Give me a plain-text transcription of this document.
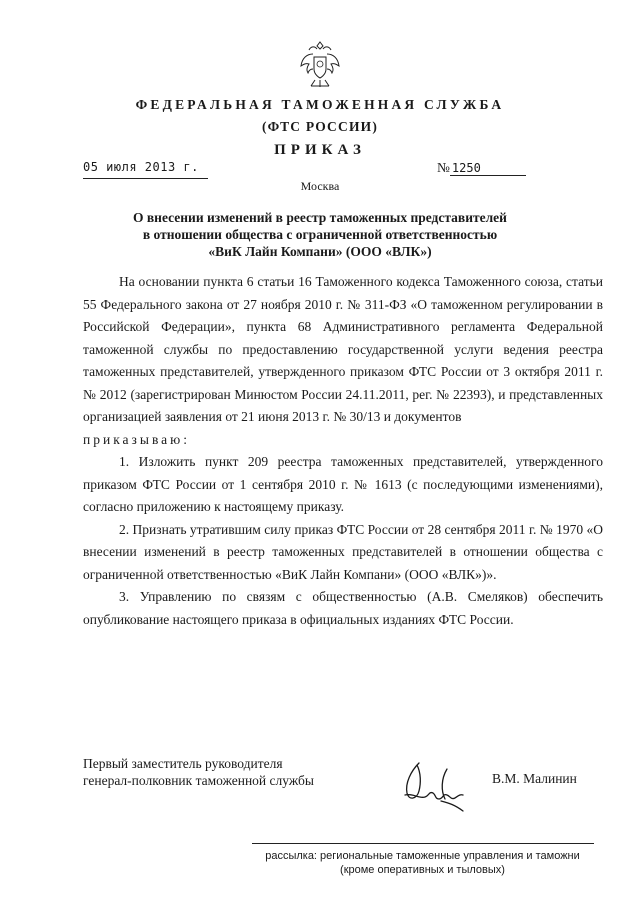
ФЕДЕРАЛЬНАЯ ТАМОЖЕННАЯ СЛУЖБА
(ФТС РОССИИ)
ПРИКАЗ
05 июля 2013 г.	№ 1250
Москва
О внесении изменений в реестр таможенных представителей
в отношении общества с ограниченной ответственностью
«ВиК Лайн Компани» (ООО «ВЛК»)

На основании пункта 6 статьи 16 Таможенного кодекса Таможенного союза, статьи 55 Федерального закона от 27 ноября 2010 г. № 311-ФЗ «О таможенном регулировании в Российской Федерации», пункта 68 Административного регламента Федеральной таможенной службы по предоставлению государственной услуги ведения реестра таможенных представителей, утвержденного приказом ФТС России от 3 октября 2011 г. № 2012 (зарегистрирован Минюстом России 24.11.2011, рег. № 22393), и представленных организацией заявления от 21 июня 2013 г. № 30/13 и документов

приказываю:

1. Изложить пункт 209 реестра таможенных представителей, утвержденного приказом ФТС России от 1 сентября 2010 г. № 1613 (с последующими изменениями), согласно приложению к настоящему приказу.

2. Признать утратившим силу приказ ФТС России от 28 сентября 2011 г. № 1970 «О внесении изменений в реестр таможенных представителей в отношении общества с ограниченной ответственностью «ВиК Лайн Компани» (ООО «ВЛК»)».

3. Управлению по связям с общественностью (А.В. Смеляков) обеспечить опубликование настоящего приказа в официальных изданиях ФТС России.

Первый заместитель руководителя
генерал-полковник таможенной службы	В.М. Малинин
рассылка: региональные таможенные управления и таможни
(кроме оперативных и тыловых)
